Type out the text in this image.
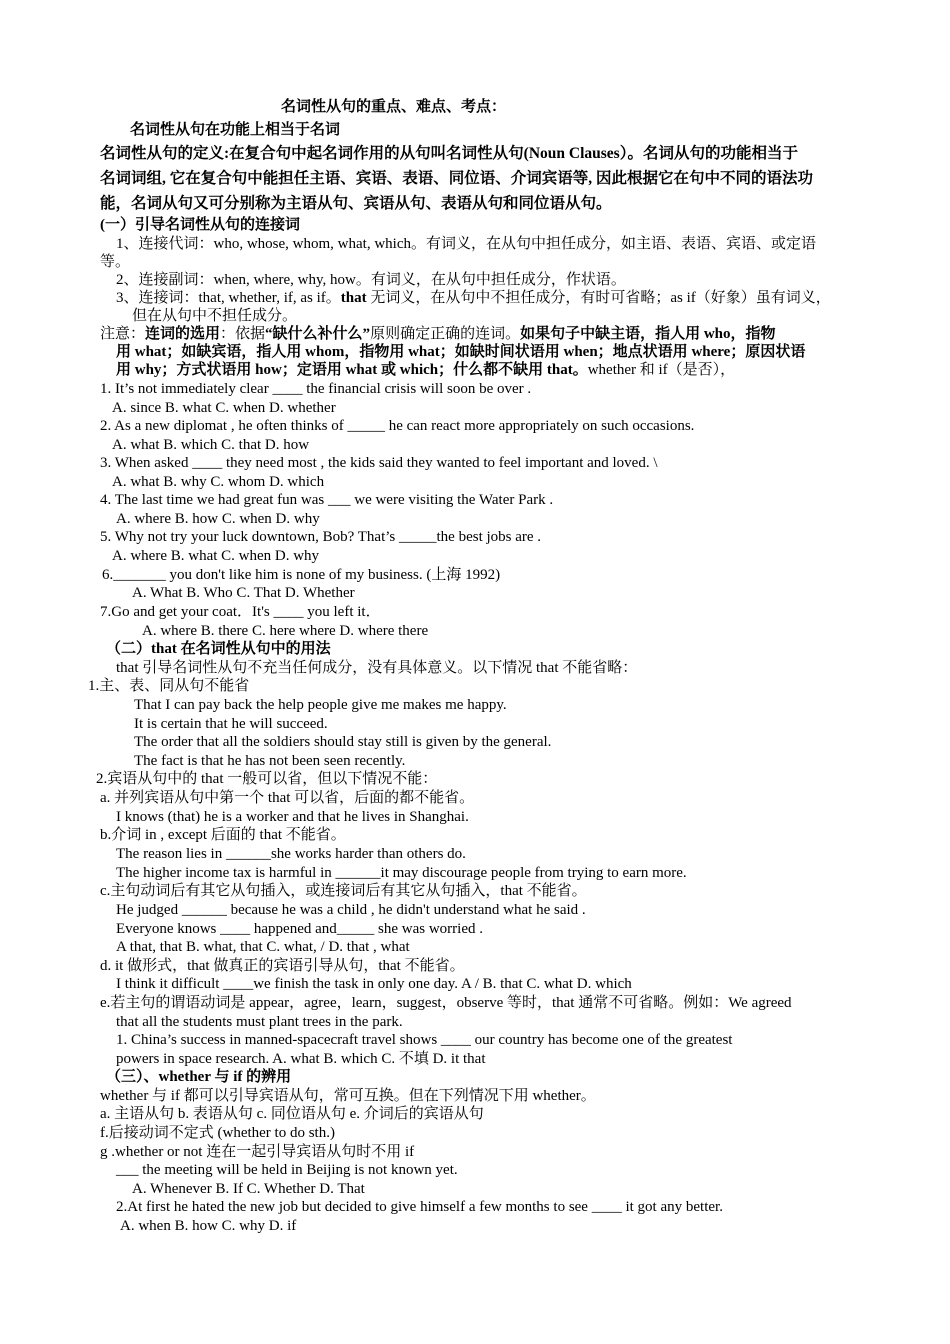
名词性从句的重点、难点、考点：
名词性从句在功能上相当于名词
名词性从句的定义:在复合句中起名词作用的从句叫名词性从句(Noun Clauses）。名词从句的功能相当于
名词词组, 它在复合句中能担任主语、宾语、表语、同位语、介词宾语等, 因此根据它在句中不同的语法功
能，名词从句又可分别称为主语从句、宾语从句、表语从句和同位语从句。
(一）引导名词性从句的连接词
1、连接代词：who, whose, whom, what, which。有词义，在从句中担任成分，如主语、表语、宾语、或定语
等。
2、连接副词：when, where, why, how。有词义，在从句中担任成分，作状语。
3、连接词：that, whether, if, as if。that 无词义，在从句中不担任成分，有时可省略；as if（好象）虽有词义，
但在从句中不担任成分。
注意：连词的选用：依据“缺什么补什么”原则确定正确的连词。如果句子中缺主语，指人用 who，指物
用 what；如缺宾语，指人用 whom，指物用 what；如缺时间状语用 when；地点状语用 where；原因状语
用 why；方式状语用 how；定语用 what 或 which；什么都不缺用 that。whether 和 if（是否），
1. It’s not immediately clear ____ the financial crisis will soon be over .
A. since B. what C. when D. whether
2. As a new diplomat , he often thinks of _____ he can react more appropriately on such occasions.
A. what B. which C. that D. how
3. When asked ____ they need most , the kids said they wanted to feel important and loved. \
A. what B. why C. whom D. which
4. The last time we had great fun was ___ we were visiting the Water Park .
A. where B. how C. when D. why
5. Why not try your luck downtown, Bob? That’s _____the best jobs are .
A. where B. what C. when D. why
6._______ you don't like him is none of my business. (上海 1992)
A. What B. Who C. That D. Whether
7.Go and get your coat．It's ____ you left it．
A. where B. there C. here where D. where there
（二）that 在名词性从句中的用法
that 引导名词性从句不充当任何成分，没有具体意义。以下情况 that 不能省略：
1.主、表、同从句不能省
That I can pay back the help people give me makes me happy.
It is certain that he will succeed.
The order that all the soldiers should stay still is given by the general.
The fact is that he has not been seen recently.
2.宾语从句中的 that 一般可以省，但以下情况不能：
a. 并列宾语从句中第一个 that 可以省，后面的都不能省。
I knows (that) he is a worker and that he lives in Shanghai.
b.介词 in , except 后面的 that 不能省。
The reason lies in ______she works harder than others do.
The higher income tax is harmful in ______it may discourage people from trying to earn more.
c.主句动词后有其它从句插入，或连接词后有其它从句插入，that 不能省。
He judged ______ because he was a child , he didn't understand what he said .
Everyone knows ____ happened and_____ she was worried .
A that, that B. what, that C. what, / D. that , what
d. it 做形式，that 做真正的宾语引导从句，that 不能省。
I think it difficult ____we finish the task in only one day. A / B. that C. what D. which
e.若主句的谓语动词是 appear，agree，learn，suggest，observe 等时，that 通常不可省略。例如：We agreed
that all the students must plant trees in the park.
1. China’s success in manned-spacecraft travel shows ____ our country has become one of the greatest
powers in space research. A. what B. which C. 不填 D. it that
（三）、whether 与 if 的辨用
whether 与 if 都可以引导宾语从句，常可互换。但在下列情况下用 whether。
a. 主语从句 b. 表语从句 c. 同位语从句 e. 介词后的宾语从句
f.后接动词不定式 (whether to do sth.)
g .whether or not 连在一起引导宾语从句时不用 if
___ the meeting will be held in Beijing is not known yet.
A. Whenever B. If C. Whether D. That
2.At first he hated the new job but decided to give himself a few months to see ____ it got any better.
A. when B. how C. why D. if
